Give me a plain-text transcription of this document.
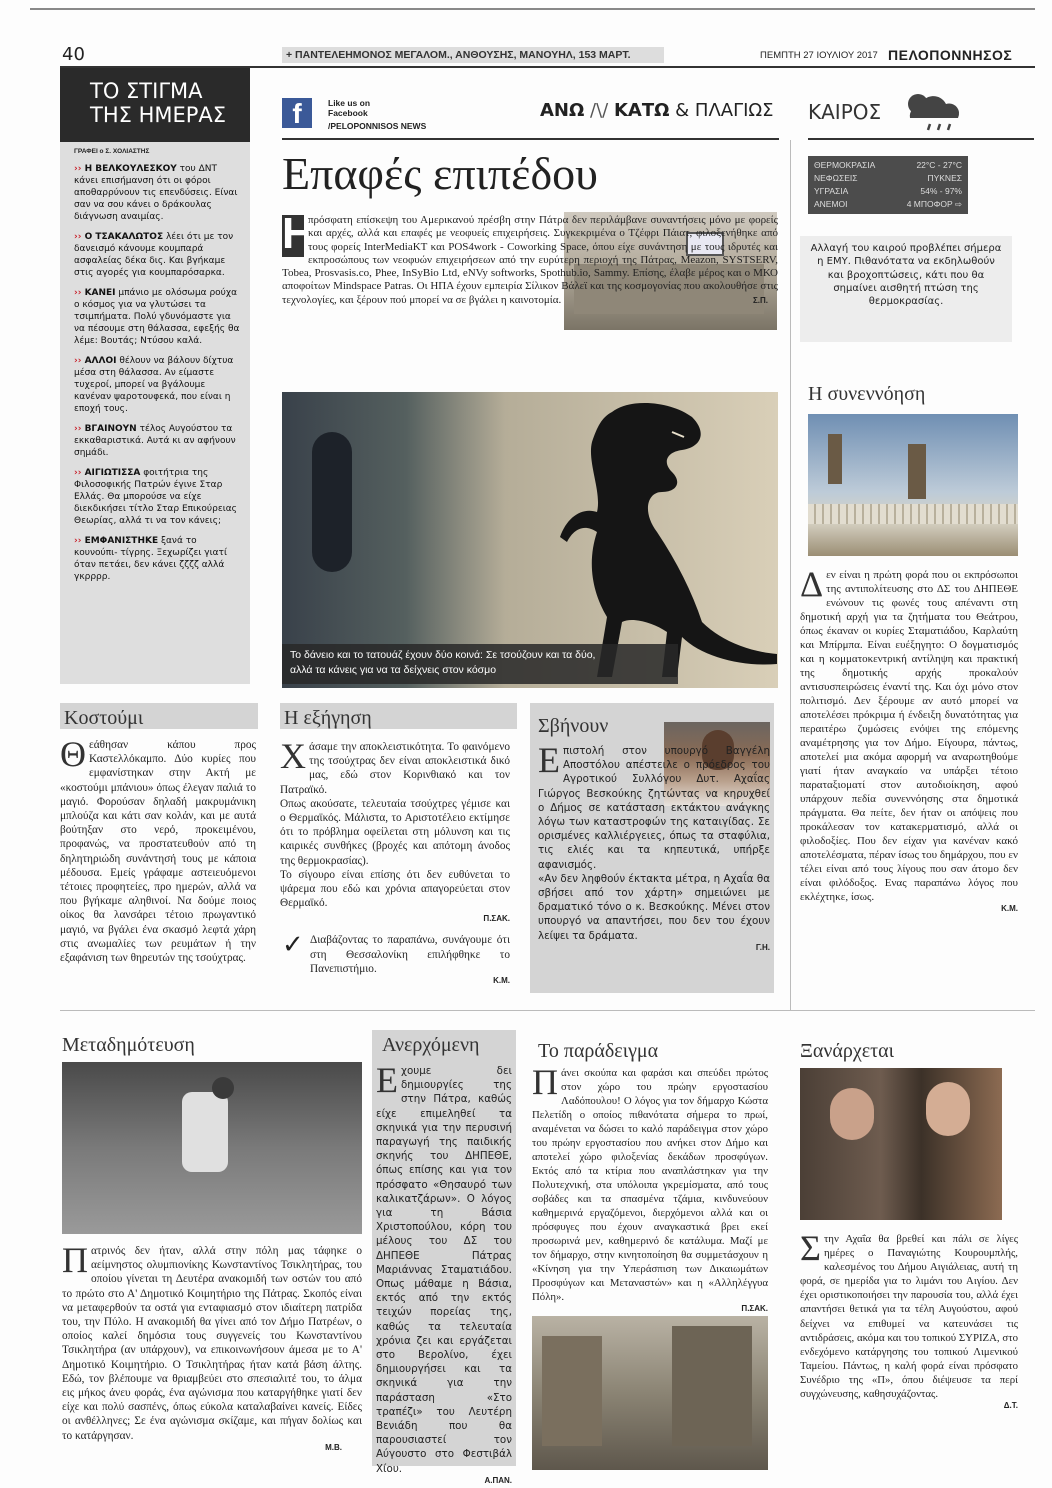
40	+ ΠΑΝΤΕΛΕΗΜΟΝΟΣ ΜΕΓΑΛΟΜ., ΑΝΘΟΥΣΗΣ, ΜΑΝΟΥΗΛ, 153 ΜΑΡΤ.	ΠΕΜΠΤΗ 27 ΙΟΥΛΙΟΥ 2017 ΠΕΛΟΠΟΝΝΗΣΟΣ
ΤΟ ΣΤΙΓΜΑ
ΤΗΣ ΗΜΕΡΑΣ
ΓΡΑΦΕΙ ο Σ. ΧΟΛΙΑΣΤΗΣ
›› Η ΒΕΛΚΟΥΛΕΣΚΟΥ του ΔΝΤ κάνει επισήμανση ότι οι φόροι αποθαρρύνουν τις επενδύσεις. Είναι σαν να σου κάνει ο δράκουλας διάγνωση αναιμίας.
›› Ο ΤΣΑΚΑΛΩΤΟΣ λέει ότι με τον δανεισμό κάνουμε κουμπαρά ασφαλείας δέκα δις. Και βγήκαμε στις αγορές για κουμπαρόσαρκα.
›› ΚΑΝΕΙ μπάνιο με ολόσωμα ρούχα ο κόσμος για να γλυτώσει τα τσιμπήματα. Πολύ γδυνόμαστε για να πέσουμε στη θάλασσα, εφεξής θα λέμε: Βουτάς; Ντύσου καλά.
›› ΑΛΛΟΙ θέλουν να βάλουν δίχτυα μέσα στη θάλασσα. Αν είμαστε τυχεροί, μπορεί να βγάλουμε κανέναν ψαροτουφεκά, που είναι η εποχή τους.
›› ΒΓΑΙΝΟΥΝ τέλος Αυγούστου τα εκκαθαριστικά. Αυτά κι αν αφήνουν σημάδι.
›› ΑΙΓΙΩΤΙΣΣΑ φοιτήτρια της Φιλοσοφικής Πατρών έγινε Σταρ Ελλάς. Θα μπορούσε να είχε διεκδικήσει τίτλο Σταρ Επικούρειας Θεωρίας, αλλά τι να τον κάνεις;
›› ΕΜΦΑΝΙΣΤΗΚΕ ξανά το κουνούπι- τίγρης. Ξεχωρίζει γιατί όταν πετάει, δεν κάνει ζζζζ αλλά γκρρρρ.
f	Like us on
Facebook
/PELOPONNISOS NEWS
ΑΝΩ /\/ ΚΑΤΩ & ΠΛΑΓΙΩΣ
Επαφές επιπέδου

Η
πρόσφατη επίσκεψη του Αμερικανού πρέσβη στην Πάτρα δεν περιλάμβανε συναντήσεις μόνο με φορείς και αρχές, αλλά και επαφές με νεοφυείς επιχειρήσεις. Συγκεκριμένα ο Τζέφρι Πάιατ, φιλοξενήθηκε από τους φορείς InterMediaKT και POS4work - Coworking Space, όπου είχε συνάντηση με τους ιδρυτές και εκπροσώπους των νεοφυών επιχειρήσεων από την ευρύτερη περιοχή της Πάτρας, Meazon, SYSTSERV, Tobea, Prosvasis.co, Phee, InSyBio Ltd, eNVy softworks, Spothub.io, Sammy. Επίσης, έλαβε μέρος και ο ΜΚΟ αποφοίτων Mindspace Patras. Οι ΗΠΑ έχουν εμπειρία Σίλικον Βάλεϊ και της κοσμογονίας που ακολουθήσε στις τεχνολογίες, και ξέρουν πού μπορεί να σε βγάλει η καινοτομία.	Σ.Π.

Το δάνειο και το τατουάζ έχουν δύο κοινά: Σε τσούζουν και τα δύο,
αλλά τα κάνεις για να τα δείχνεις στον κόσμο
ΚΑΙΡΟΣ
ΘΕΡΜΟΚΡΑΣΙΑ	22°C - 27°C
ΝΕΦΩΣΕΙΣ	ΠΥΚΝΕΣ
ΥΓΡΑΣΙΑ	54% - 97%
ΑΝΕΜΟΙ	4 ΜΠΟΦΟΡ ⇨
Αλλαγή του καιρού προβλέπει σήμερα η ΕΜΥ. Πιθανότατα να εκδηλωθούν και βροχοπτώσεις, κάτι που θα σημαίνει αισθητή πτώση της θερμοκρασίας.
Η συνεννόηση

Δεν είναι η πρώτη φορά που οι εκπρόσωποι της αντιπολίτευσης στο ΔΣ του ΔΗΠΕΘΕ ενώνουν τις φωνές τους απέναντι στη δημοτική αρχή για τα ζητήματα του Θεάτρου, όπως έκαναν οι κυρίες Σταματιάδου, Καρλαύτη και Μπίρμπα. Είναι ευέξηγητο: Ο δογματισμός και η κομματοκεντρική αντίληψη και πρακτική της δημοτικής αρχής προκαλούν αντισυσπειρώσεις έναντί της. Και όχι μόνο στον πολιτισμό. Δεν ξέρουμε αν αυτό μπορεί να αποτελέσει πρόκριμα ή ένδειξη δυνατότητας για περαιτέρω ζυμώσεις ενόψει της επόμενης αναμέτρησης για τον Δήμο. Είγουρα, πάντως, αποτελεί μια ακόμα αφορμή να αναρωτηθούμε γιατί ήταν αναγκαίο να υπάρξει τέτοιο παραταξιοματί στον αυτοδιοίκηση, αφού υπάρχουν πεδία συνεννόησης στα δημοτικά πράγματα. Θα πείτε, δεν ήταν οι απόψεις που προκάλεσαν τον κατακερματισμό, αλλά οι φιλοδοξίες. Που δεν είχαν για κανέναν κακό αποτελέσματα, πέραν ίσως του δημάρχου, που εν τέλει είναι από τους λίγους που σαν άτομο δεν είναι φιλόδοξος. Ενας παραπάνω λόγος που εκλέχτηκε, ίσως.

Κ.Μ.
Κοστούμι

Θεάθησαν κάπου προς Καστελλόκαμπο. Δύο κυρίες που εμφανίστηκαν στην Ακτή με «κοστούμι μπάνιου» όπως έλεγαν παλιά το μαγιό. Φορούσαν δηλαδή μακρυμάνικη μπλούζα και κάτι σαν κολάν, και με αυτά βούτηξαν στο νερό, προκειμένου, προφανώς, να προστατευθούν από τη δηλητηριώδη συνάντησή τους με κάποια μέδουσα. Εμείς γράφαμε αστειευόμενοι τέτοιες προφητείες, προ ημερών, αλλά να που βγήκαμε αληθινοί. Να δούμε ποιος οίκος θα λανσάρει τέτοιο πρωγαντικό μαγιό, να βγάλει ένα σκασμό λεφτά χάρη στις ανωμαλίες των ρευμάτων ή την εξαφάνιση των θηρευτών της τσούχτρας.

Η εξήγηση

Χάσαμε την αποκλειστικότητα. Το φαινόμενο της τσούχτρας δεν είναι αποκλειστικά δικό μας, εδώ στον Κορινθιακό και τον Πατραϊκό.

Οπως ακούσατε, τελευταία τσούχτρες γέμισε και ο Θερμαϊκός. Μάλιστα, το Αριστοτέλειο εκτίμησε ότι το πρόβλημα οφείλεται στη μόλυνση και τις καιρικές συνθήκες (βροχές και απότομη άνοδος της θερμοκρασίας).

Το σίγουρο είναι επίσης ότι δεν ευθύνεται το ψάρεμα που εδώ και χρόνια απαγορεύεται στον Θερμαϊκό.

Π.ΣΑΚ.
✓ Διαβάζοντας το παραπάνω, συνάγουμε ότι στη Θεσσαλονίκη επιλήφθηκε το Πανεπιστήμιο.

Κ.Μ.
Σβήνουν

Επιστολή στον υπουργό Βαγγέλη Αποστόλου απέστειλε ο πρόεδρος του Αγροτικού Συλλόγου Δυτ. Αχαΐας Γιώργος Βεσκούκης ζητώντας να κηρυχθεί ο Δήμος σε κατάσταση εκτάκτου ανάγκης λόγω των καταστροφών της καταιγίδας. Σε ορισμένες καλλιέργειες, όπως τα σταφύλια, τις ελιές και τα κηπευτικά, υπήρξε αφανισμός.

«Αν δεν ληφθούν έκτακτα μέτρα, η Αχαΐα θα σβήσει από τον χάρτη» σημειώνει με δραματικό τόνο ο κ. Βεσκούκης. Μένει στον υπουργό να απαντήσει, που δεν του έχουν λείψει τα δράματα.

Γ.Η.
Μεταδημότευση

Πατρινός δεν ήταν, αλλά στην πόλη μας τάφηκε ο αείμνηστος ολυμπιονίκης Κωνσταντίνος Τσικλητήρας, του οποίου γίνεται τη Δευτέρα ανακομιδή των οστών του από το πρώτο στο Α' Δημοτικό Κοιμητήριο της Πάτρας. Σκοπός είναι να μεταφερθούν τα οστά για ενταφιασμό στον ιδιαίτερη πατρίδα του, την Πύλο. Η ανακομιδή θα γίνει από τον Δήμο Πατρέων, ο οποίος καλεί δημόσια τους συγγενείς του Κωνσταντίνου Τσικλητήρα (αν υπάρχουν), να επικοινωνήσουν άμεσα με το Α' Δημοτικό Κοιμητήριο. Ο Τσικλητήρας ήταν κατά βάση άλτης. Εδώ, τον βλέπουμε να θριαμβεύει στο σπεσιαλιτέ του, το άλμα εις μήκος άνευ φοράς, ένα αγώνισμα που καταργήθηκε γιατί δεν είχε και πολύ σασπένς, όπως εύκολα καταλαβαίνει κανείς. Είδες οι ανθέλληνες; Σε ένα αγώνισμα σκίζαμε, και πήγαν δολίως και το κατάργησαν.

Μ.Β.
Ανερχόμενη

Εχουμε δει δημιουργίες της στην Πάτρα, καθώς είχε επιμεληθεί τα σκηνικά για την περυσινή παραγωγή της παιδικής σκηνής του ΔΗΠΕΘΕ, όπως επίσης και για τον πρόσφατο «Θησαυρό των καλικατζάρων». Ο λόγος για τη Βάσια Χριστοπούλου, κόρη του μέλους του ΔΣ του ΔΗΠΕΘΕ Πάτρας Μαριάννας Σταματιάδου. Οπως μάθαμε η Βάσια, εκτός από την εκτός τειχών πορείας της, καθώς τα τελευταία χρόνια ζει και εργάζεται στο Βερολίνο, έχει δημιουργήσει και τα σκηνικά για την παράσταση «Στο τραπέζι» του Λευτέρη Βενιάδη που θα παρουσιαστεί τον Αύγουστο στο Φεστιβάλ Χίου.

Α.ΠΑΝ.
Το παράδειγμα

Πάνει σκούπα και φαράσι και σπεύδει πρώτος στον χώρο του πρώην εργοστασίου Λαδόπουλου! Ο λόγος για τον δήμαρχο Κώστα Πελετίδη ο οποίος πιθανότατα σήμερα το πρωί, αναμένεται να δώσει το καλό παράδειγμα στον χώρο του πρώην εργοστασίου που ανήκει στον Δήμο και αποτελεί χώρο φιλοξενίας δεκάδων προσφύγων. Εκτός από τα κτίρια που αναπλάστηκαν για την Πολυτεχνική, στα υπόλοιπα γκρεμίσματα, από τους σοβάδες και τα σπασμένα τζάμια, κινδυνεύουν καθημερινά εργαζόμενοι, διερχόμενοι αλλά και οι πρόσφυγες που έχουν αναγκαστικά βρει εκεί προσωρινά μεν, καθημερινό δε κατάλυμα. Μαζί με τον δήμαρχο, στην κινητοποίηση θα συμμετάσχουν η «Κίνηση για την Υπεράσπιση των Δικαιωμάτων Προσφύγων και Μεταναστών» και η «Αλληλέγγυα Πόλη».

Π.ΣΑΚ.
Ξανάρχεται

Στην Αχαΐα θα βρεθεί και πάλι σε λίγες ημέρες ο Παναγιώτης Κουρουμπλής, καλεσμένος του Δήμου Αιγιάλειας, αυτή τη φορά, σε ημερίδα για το λιμάνι του Αιγίου. Δεν έχει οριστικοποιήσει την παρουσία του, αλλά έχει απαντήσει θετικά για τα τέλη Αυγούστου, αφού δείχνει να επιθυμεί να κατευνάσει τις αντιδράσεις, ακόμα και του τοπικού ΣΥΡΙΖΑ, στο ενδεχόμενο κατάργησης του τοπικού Λιμενικού Ταμείου. Πάντως, η καλή φορά είναι πρόσφατο Συνέδριο της «Π», όπου διέψευσε τα περί συγχώνευσης, καθησυχάζοντας.

Δ.Τ.
